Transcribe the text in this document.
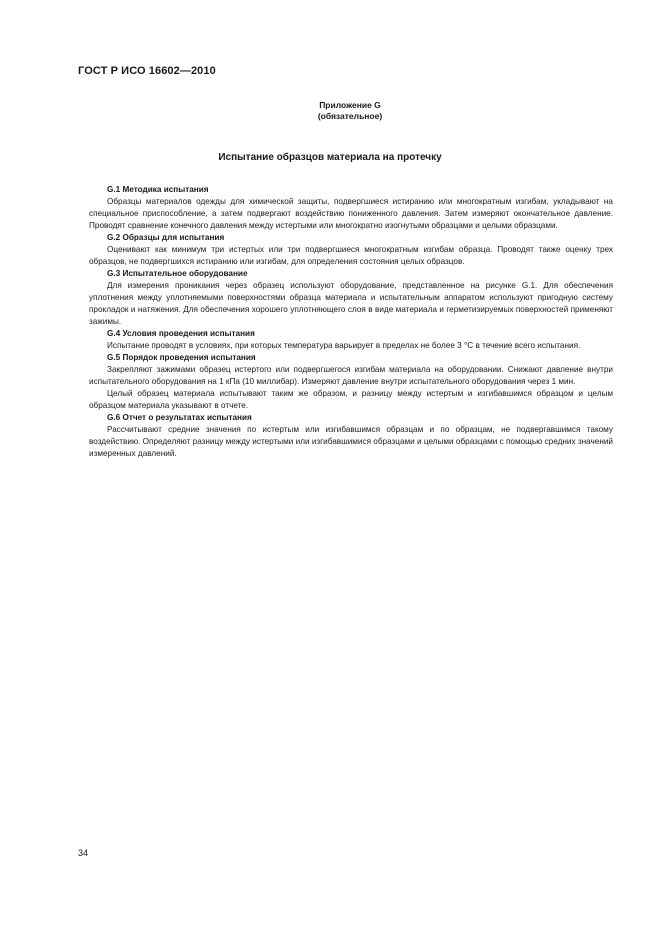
ГОСТ Р ИСО 16602—2010
Приложение G
(обязательное)
Испытание образцов материала на протечку
G.1 Методика испытания
Образцы материалов одежды для химической защиты, подвергшиеся истиранию или многократным изгибам, укладывают на специальное приспособление, а затем подвергают воздействию пониженного давления. Затем измеряют окончательное давление. Проводят сравнение конечного давления между истертыми или многократно изогнутыми образцами и целыми образцами.
G.2 Образцы для испытания
Оценивают как минимум три истертых или три подвергшиеся многократным изгибам образца. Проводят также оценку трех образцов, не подвергшихся истиранию или изгибам, для определения состояния целых образцов.
G.3 Испытательное оборудование
Для измерения проникания через образец используют оборудование, представленное на рисунке G.1. Для обеспечения уплотнения между уплотняемыми поверхностями образца материала и испытательным аппаратом используют пригодную систему прокладок и натяжения. Для обеспечения хорошего уплотняющего слоя в виде материала и герметизируемых поверхностей применяют зажимы.
G.4 Условия проведения испытания
Испытание проводят в условиях, при которых температура варьирует в пределах не более 3 °С в течение всего испытания.
G.5 Порядок проведения испытания
Закрепляют зажимами образец истертого или подвергшегося изгибам материала на оборудовании. Снижают давление внутри испытательного оборудования на 1 кПа (10 миллибар). Измеряют давление внутри испытательного оборудования через 1 мин.
Целый образец материала испытывают таким же образом, и разницу между истертым и изгибавшимся образцом и целым образцом материала указывают в отчете.
G.6 Отчет о результатах испытания
Рассчитывают средние значения по истертым или изгибавшимся образцам и по образцам, не подвергавшимся такому воздействию. Определяют разницу между истертыми или изгибавшимися образцами и целыми образцами с помощью средних значений измеренных давлений.
34
